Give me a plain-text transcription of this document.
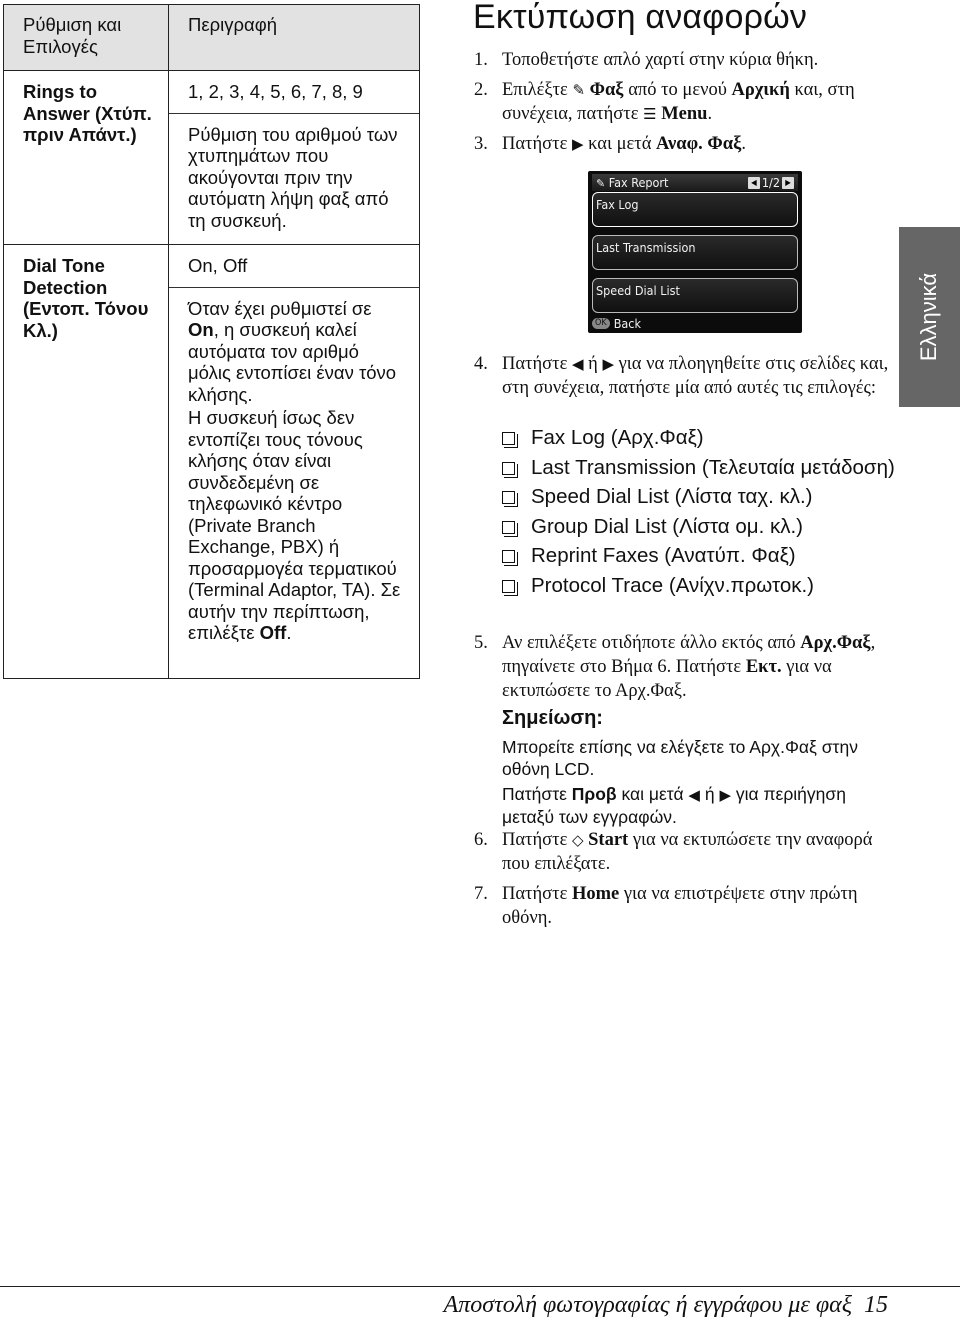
Ρύθμιση και Επιλογές	Περιγραφή
Rings to Answer (Χτύπ. πριν Απάντ.)	1, 2, 3, 4, 5, 6, 7, 8, 9

Ρύθμιση του αριθμού των χτυπημάτων που ακούγονται πριν την αυτόματη λήψη φαξ από τη συσκευή.

Dial Tone Detection (Εντοπ. Τόνου Κλ.)	On, Off

Όταν έχει ρυθμιστεί σε On, η συσκευή καλεί αυτόματα τον αριθμό μόλις εντοπίσει έναν τόνο κλήσης.

Η συσκευή ίσως δεν εντοπίζει τους τόνους κλήσης όταν είναι συνδεδεμένη σε τηλεφωνικό κέντρο (Private Branch Exchange, PBX) ή προσαρμογέα τερματικού (Terminal Adaptor, TA). Σε αυτήν την περίπτωση, επιλέξτε Off.

Εκτύπωση αναφορών
1. Τοποθετήστε απλό χαρτί στην κύρια θήκη.
2. Επιλέξτε ✎ Φαξ από το μενού Αρχική και, στη συνέχεια, πατήστε ☰ Menu.
3. Πατήστε ▶ και μετά Αναφ. Φαξ.
✎ Fax Report	◀ 1/2 ▶
Fax Log
Last Transmission
Speed Dial List
OK Back
4. Πατήστε ◀ ή ▶ για να πλοηγηθείτε στις σελίδες και, στη συνέχεια, πατήστε μία από αυτές τις επιλογές:
Fax Log (Αρχ.Φαξ)
Last Transmission (Τελευταία μετάδοση)
Speed Dial List (Λίστα ταχ. κλ.)
Group Dial List (Λίστα ομ. κλ.)
Reprint Faxes (Ανατύπ. Φαξ)
Protocol Trace (Ανίχν.πρωτοκ.)
5. Αν επιλέξετε οτιδήποτε άλλο εκτός από Αρχ.Φαξ, πηγαίνετε στο Βήμα 6. Πατήστε Εκτ. για να εκτυπώσετε το Αρχ.Φαξ.
Σημείωση:

Μπορείτε επίσης να ελέγξετε το Αρχ.Φαξ στην οθόνη LCD.

Πατήστε Προβ και μετά ◀ ή ▶ για περιήγηση μεταξύ των εγγραφών.

6. Πατήστε ◇ Start για να εκτυπώσετε την αναφορά που επιλέξατε.
7. Πατήστε Home για να επιστρέψετε στην πρώτη οθόνη.
Ελληνικά
Αποστολή φωτογραφίας ή εγγράφου με φαξ 15
